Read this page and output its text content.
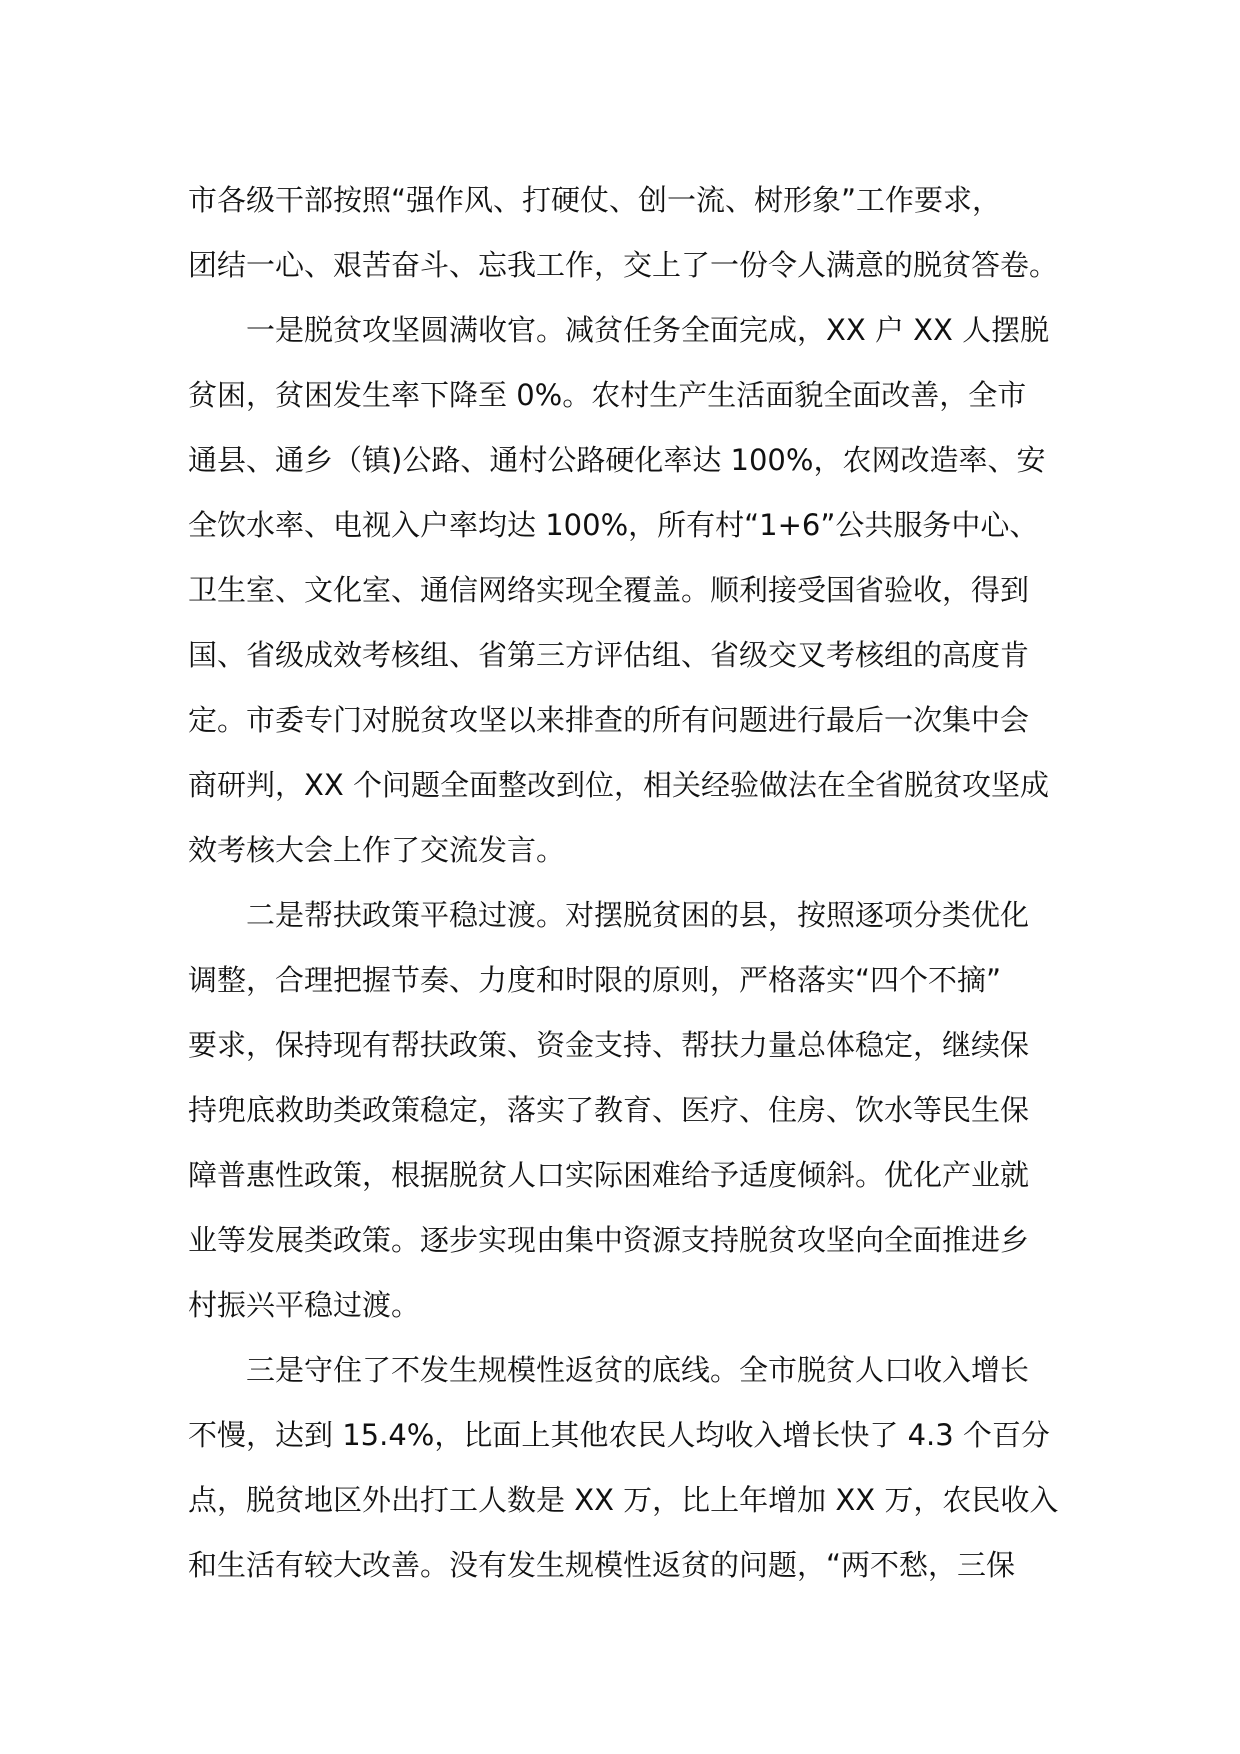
市各级干部按照“强作风、打硬仗、创一流、树形象”工作要求，
团结一心、艰苦奋斗、忘我工作，交上了一份令人满意的脱贫答卷。
一是脱贫攻坚圆满收官。减贫任务全面完成，XX 户 XX 人摆脱
贫困，贫困发生率下降至 0%。农村生产生活面貌全面改善，全市
通县、通乡（镇)公路、通村公路硬化率达 100%，农网改造率、安
全饮水率、电视入户率均达 100%，所有村“1+6”公共服务中心、
卫生室、文化室、通信网络实现全覆盖。顺利接受国省验收，得到
国、省级成效考核组、省第三方评估组、省级交叉考核组的高度肯
定。市委专门对脱贫攻坚以来排查的所有问题进行最后一次集中会
商研判，XX 个问题全面整改到位，相关经验做法在全省脱贫攻坚成
效考核大会上作了交流发言。
二是帮扶政策平稳过渡。对摆脱贫困的县，按照逐项分类优化
调整，合理把握节奏、力度和时限的原则，严格落实“四个不摘”
要求，保持现有帮扶政策、资金支持、帮扶力量总体稳定，继续保
持兜底救助类政策稳定，落实了教育、医疗、住房、饮水等民生保
障普惠性政策，根据脱贫人口实际困难给予适度倾斜。优化产业就
业等发展类政策。逐步实现由集中资源支持脱贫攻坚向全面推进乡
村振兴平稳过渡。
三是守住了不发生规模性返贫的底线。全市脱贫人口收入增长
不慢，达到 15.4%，比面上其他农民人均收入增长快了 4.3 个百分
点，脱贫地区外出打工人数是 XX 万，比上年增加 XX 万，农民收入
和生活有较大改善。没有发生规模性返贫的问题，“两不愁，三保
